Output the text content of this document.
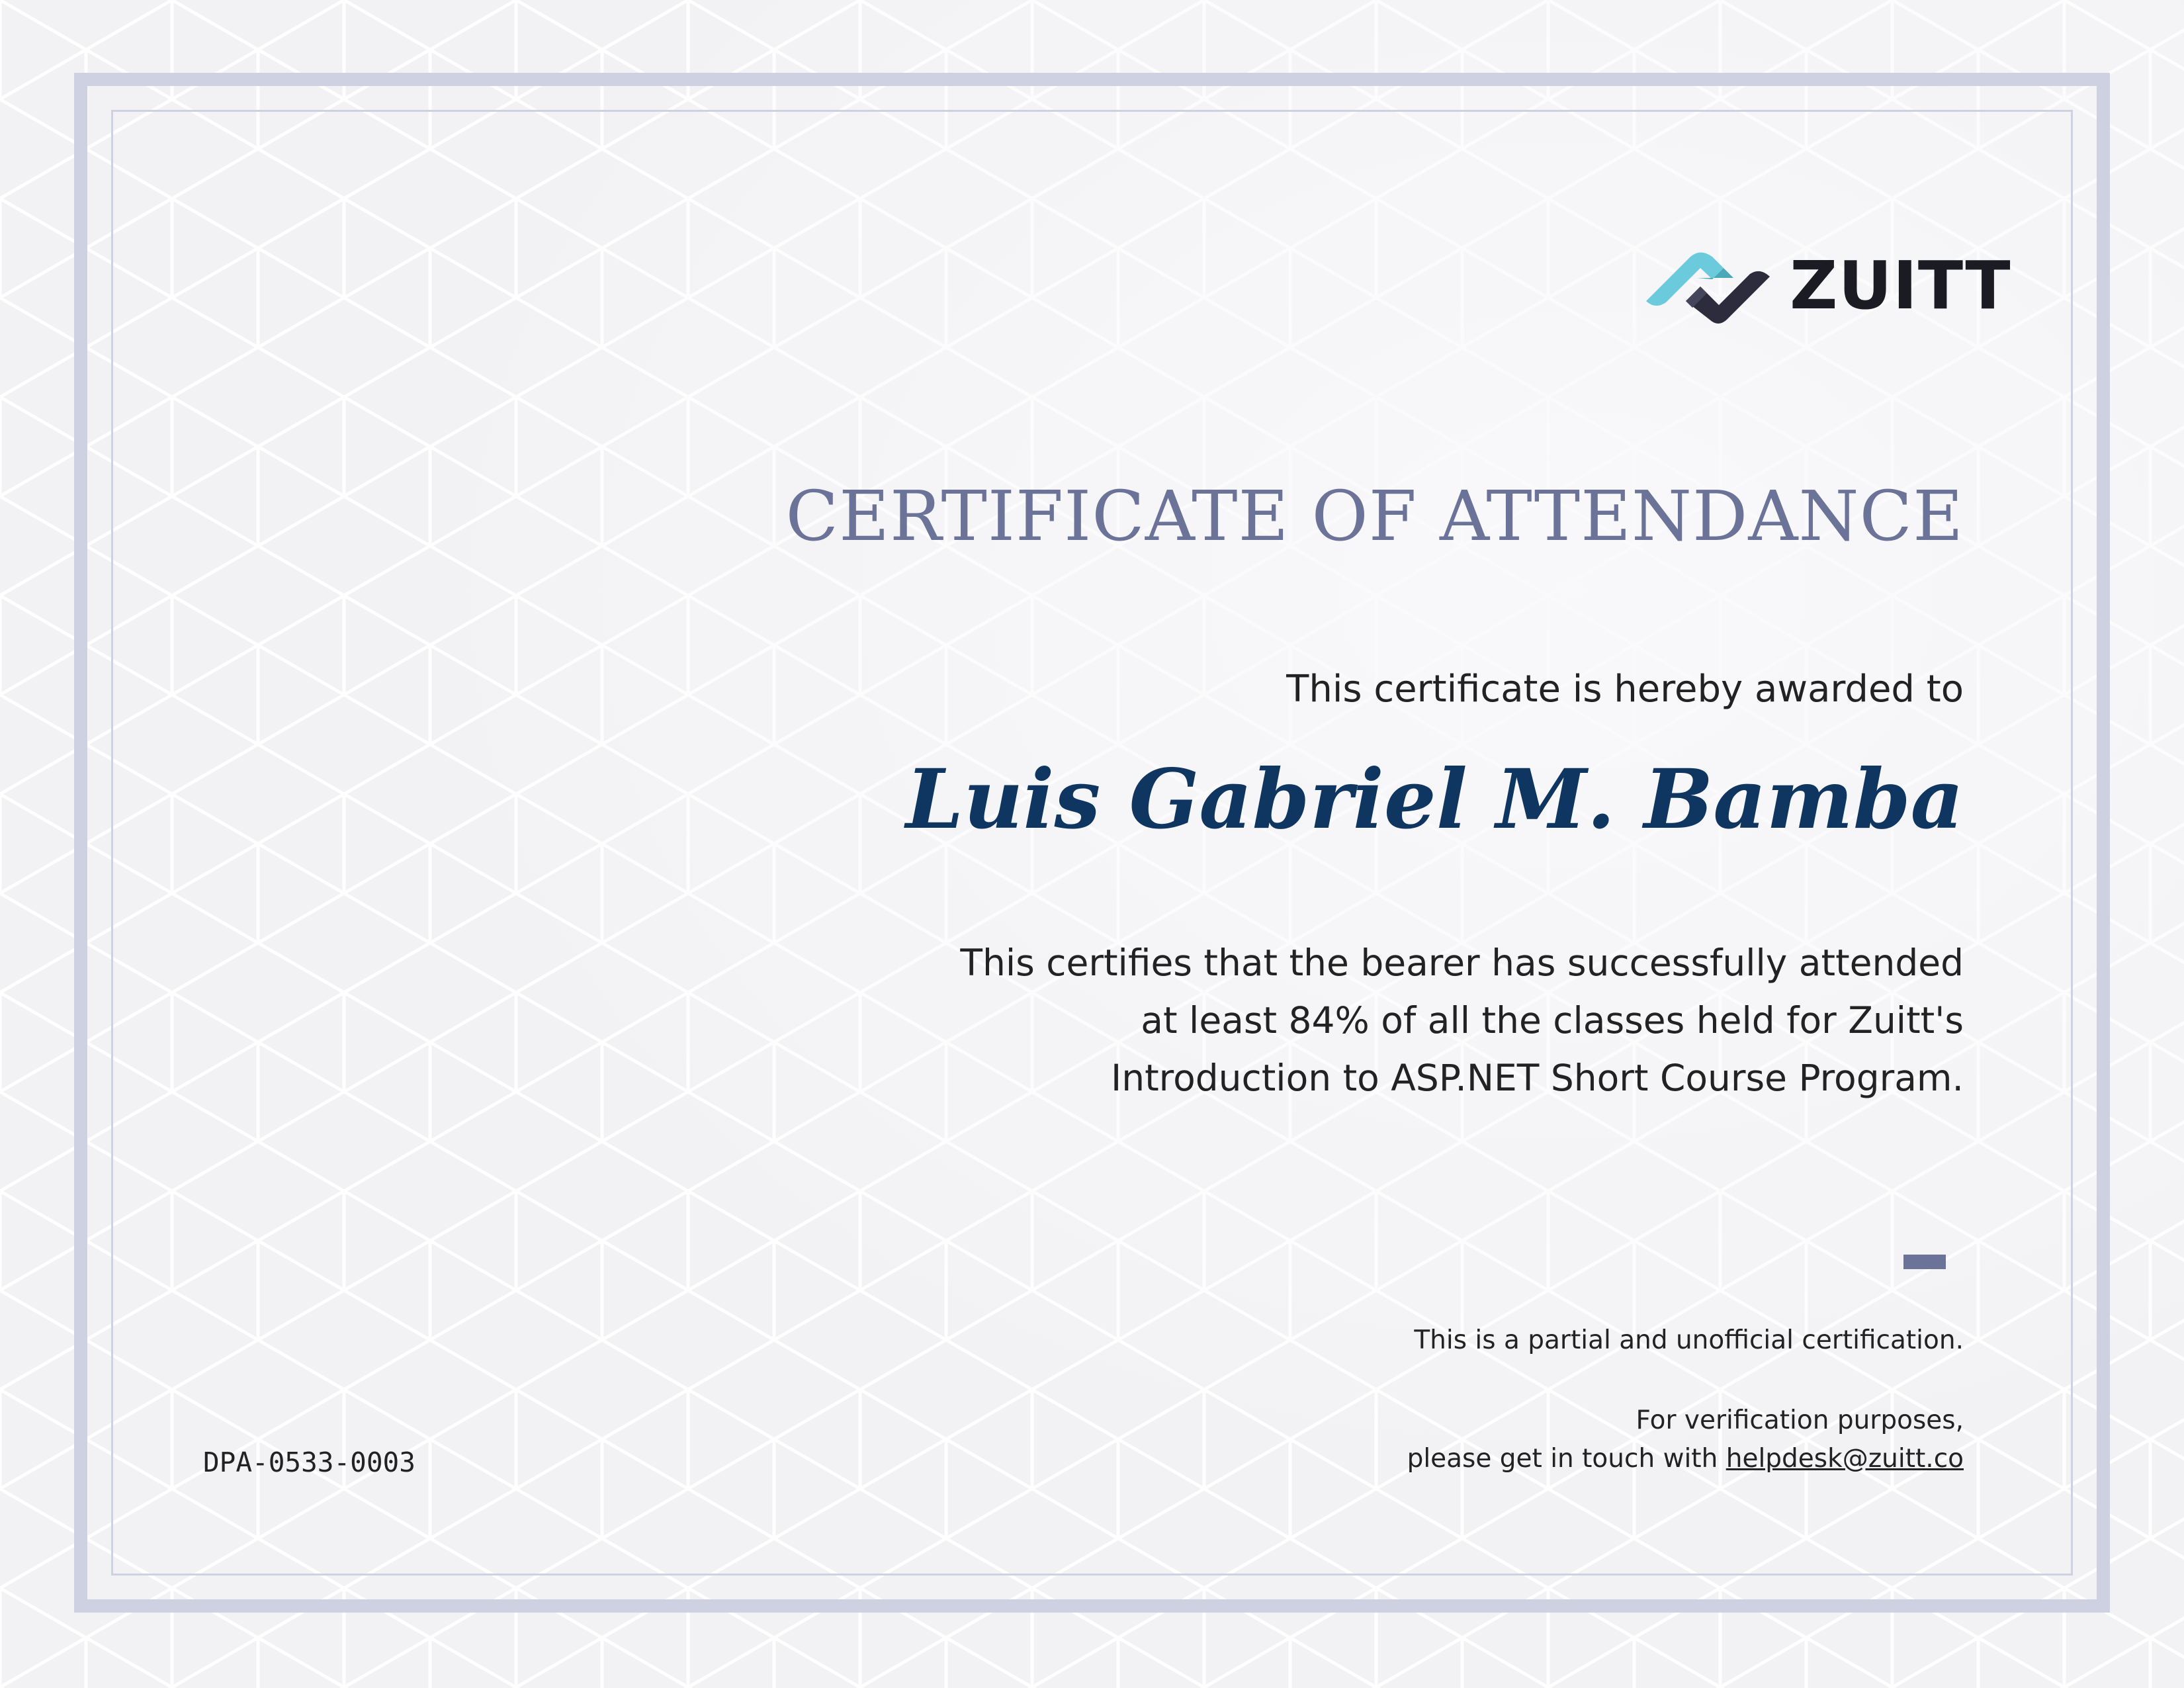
ZUITT
CERTIFICATE OF ATTENDANCE
This certificate is hereby awarded to
Luis Gabriel M. Bamba
This certifies that the bearer has successfully attended
at least 84% of all the classes held for Zuitt's
Introduction to ASP.NET Short Course Program.
This is a partial and unofficial certification.
For verification purposes,
please get in touch with helpdesk@zuitt.co
DPA-0533-0003
